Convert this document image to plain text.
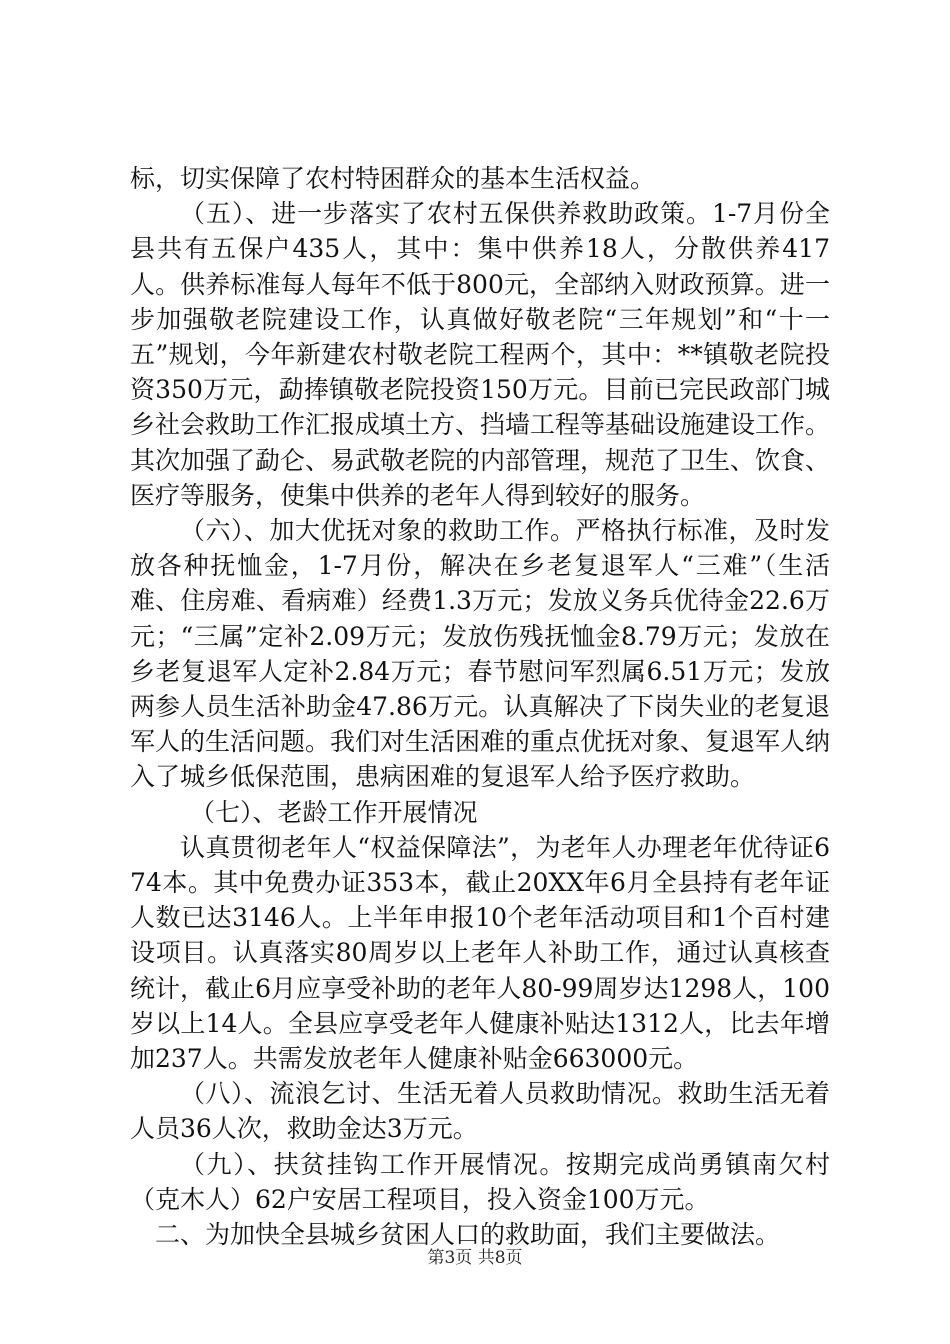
标，切实保障了农村特困群众的基本生活权益。

（五）、进一步落实了农村五保供养救助政策。1-7月份全县共有五保户435人，其中：集中供养18人，分散供养417人。供养标准每人每年不低于800元，全部纳入财政预算。进一步加强敬老院建设工作，认真做好敬老院“三年规划”和“十一五”规划，今年新建农村敬老院工程两个，其中：**镇敬老院投资350万元，勐捧镇敬老院投资150万元。目前已完民政部门城乡社会救助工作汇报成填土方、挡墙工程等基础设施建设工作。其次加强了勐仑、易武敬老院的内部管理，规范了卫生、饮食、医疗等服务，使集中供养的老年人得到较好的服务。

（六）、加大优抚对象的救助工作。严格执行标准，及时发放各种抚恤金，1-7月份，解决在乡老复退军人“三难”（生活难、住房难、看病难）经费1.3万元；发放义务兵优待金22.6万元；“三属”定补2.09万元；发放伤残抚恤金8.79万元；发放在乡老复退军人定补2.84万元；春节慰问军烈属6.51万元；发放两参人员生活补助金47.86万元。认真解决了下岗失业的老复退军人的生活问题。我们对生活困难的重点优抚对象、复退军人纳入了城乡低保范围，患病困难的复退军人给予医疗救助。

（七）、老龄工作开展情况

认真贯彻老年人“权益保障法”，为老年人办理老年优待证674本。其中免费办证353本，截止20XX年6月全县持有老年证人数已达3146人。上半年申报10个老年活动项目和1个百村建设项目。认真落实80周岁以上老年人补助工作，通过认真核查统计，截止6月应享受补助的老年人80-99周岁达1298人，100岁以上14人。全县应享受老年人健康补贴达1312人，比去年增加237人。共需发放老年人健康补贴金663000元。

（八）、流浪乞讨、生活无着人员救助情况。救助生活无着人员36人次，救助金达3万元。

（九）、扶贫挂钩工作开展情况。按期完成尚勇镇南欠村（克木人）62户安居工程项目，投入资金100万元。

二、为加快全县城乡贫困人口的救助面，我们主要做法。

第3页 共8页
